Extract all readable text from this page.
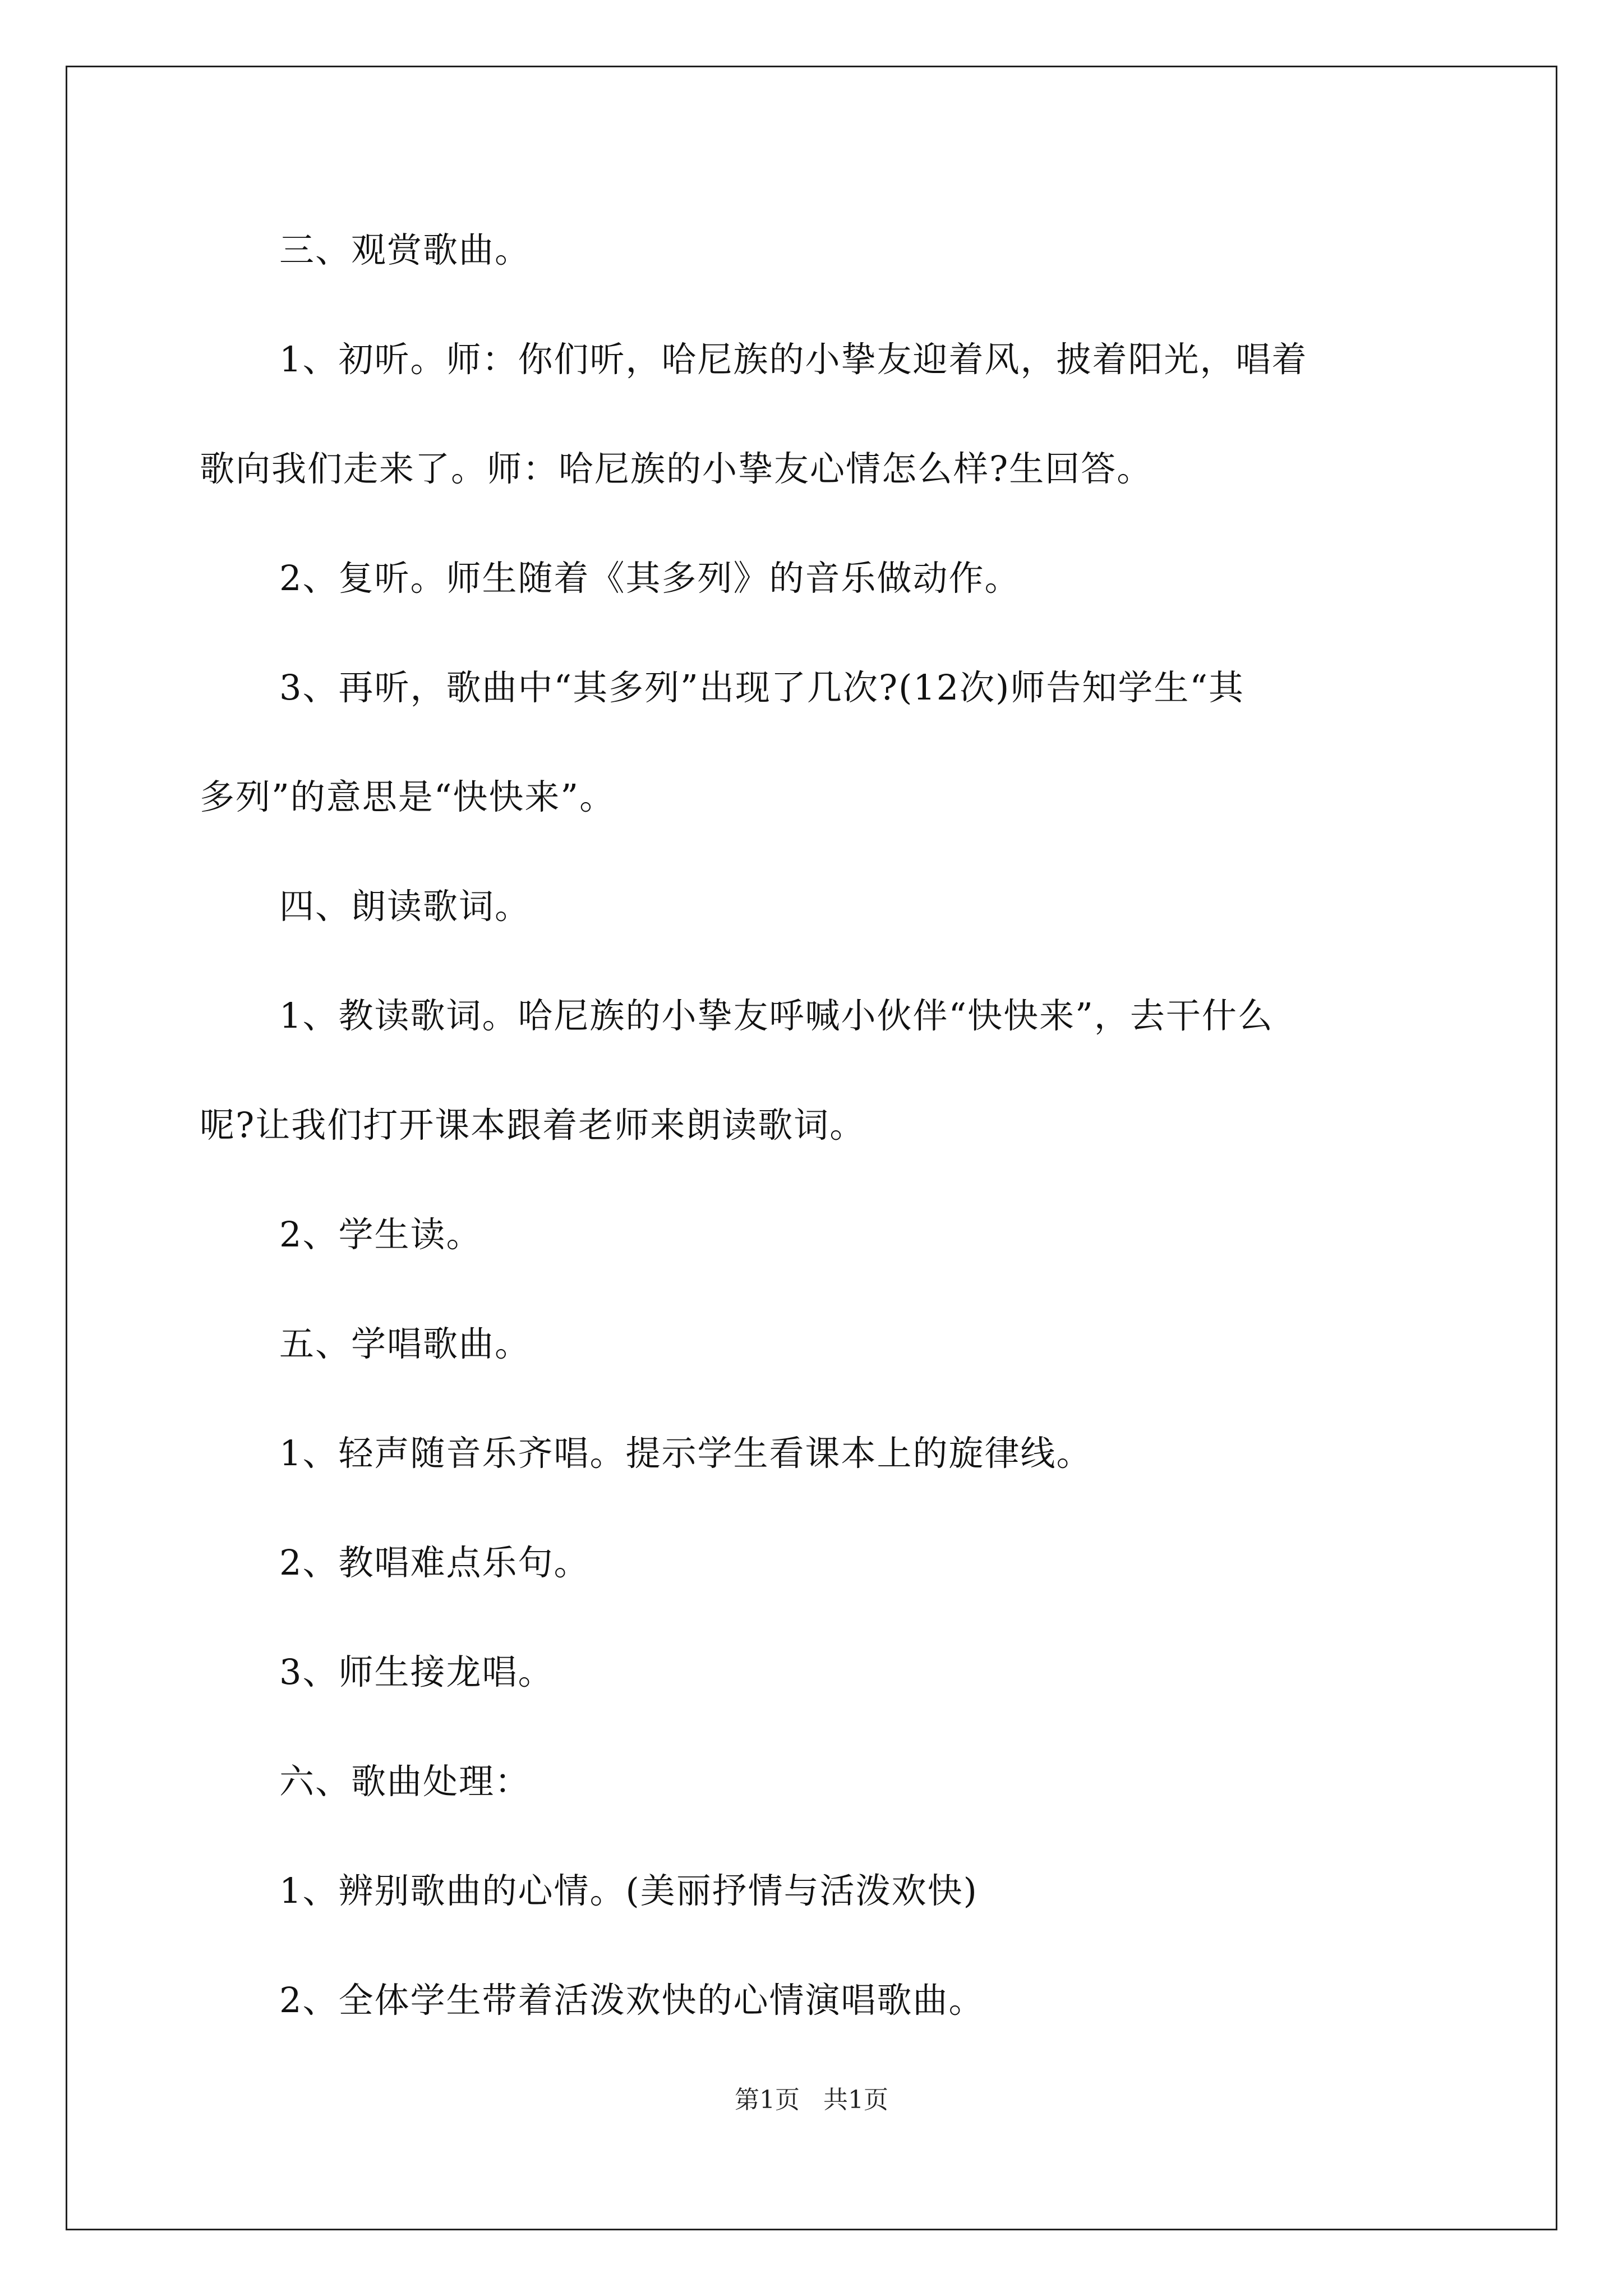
三、观赏歌曲。
1、初听。师：你们听，哈尼族的小挚友迎着风，披着阳光，唱着
歌向我们走来了。师：哈尼族的小挚友心情怎么样?生回答。
2、复听。师生随着《其多列》的音乐做动作。
3、再听，歌曲中“其多列”出现了几次?(12次)师告知学生“其
多列”的意思是“快快来”。
四、朗读歌词。
1、教读歌词。哈尼族的小挚友呼喊小伙伴“快快来”，去干什么
呢?让我们打开课本跟着老师来朗读歌词。
2、学生读。
五、学唱歌曲。
1、轻声随音乐齐唱。提示学生看课本上的旋律线。
2、教唱难点乐句。
3、师生接龙唱。
六、歌曲处理：
1、辨别歌曲的心情。(美丽抒情与活泼欢快)
2、全体学生带着活泼欢快的心情演唱歌曲。
第1页   共1页
